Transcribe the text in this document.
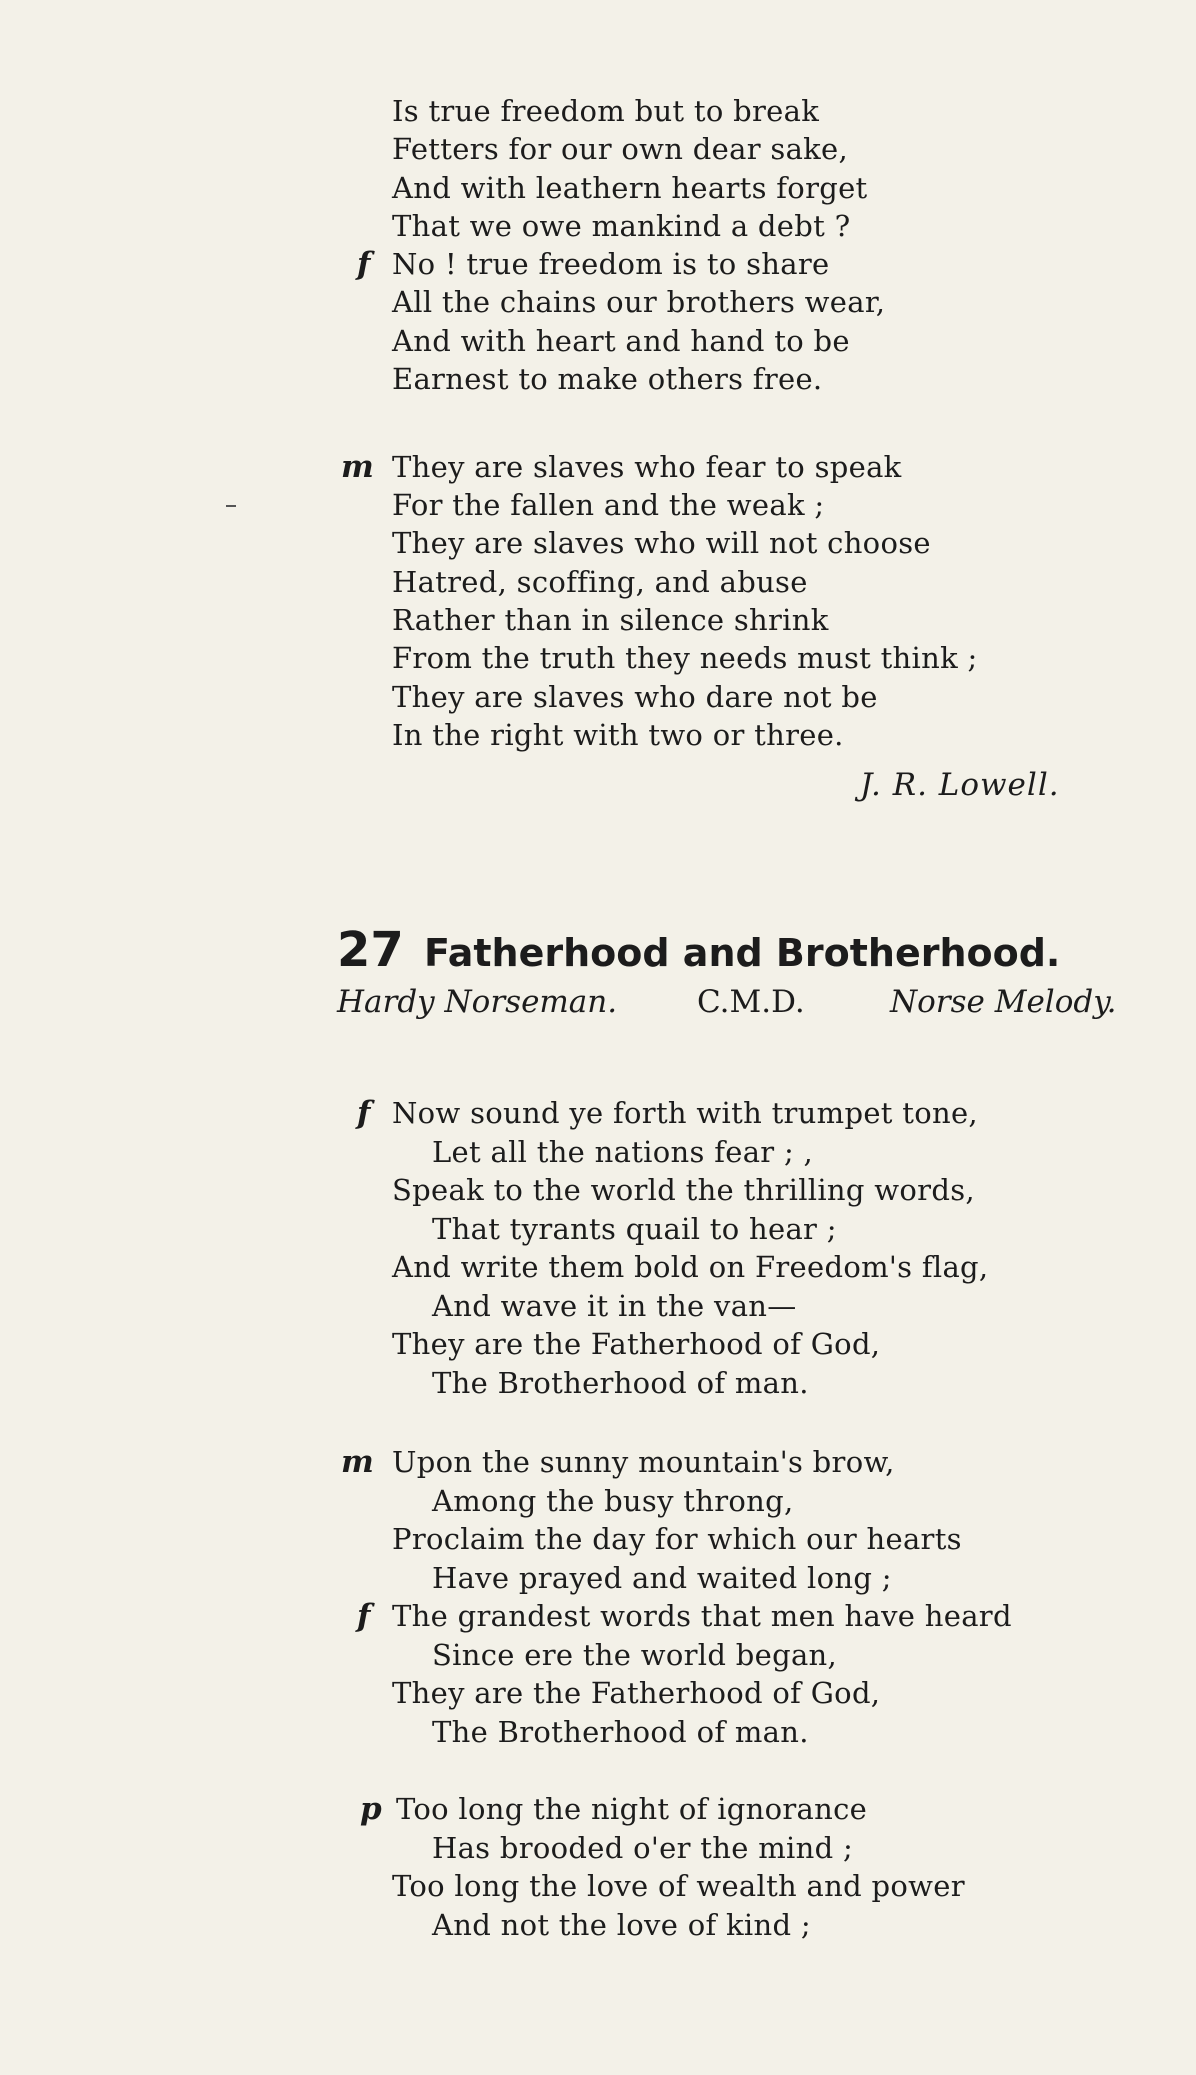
Is true freedom but to break
Fetters for our own dear sake,
And with leathern hearts forget
That we owe mankind a debt ?
f No ! true freedom is to share
All the chains our brothers wear,
And with heart and hand to be
Earnest to make others free.
m They are slaves who fear to speak
For the fallen and the weak ;
They are slaves who will not choose
Hatred, scoffing, and abuse
Rather than in silence shrink
From the truth they needs must think ;
They are slaves who dare not be
In the right with two or three.
J. R. Lowell.
27 Fatherhood and Brotherhood.
Hardy Norseman.	C.M.D.	Norse Melody.
f Now sound ye forth with trumpet tone,
Let all the nations fear ; ,
Speak to the world the thrilling words,
That tyrants quail to hear ;
And write them bold on Freedom's flag,
And wave it in the van—
They are the Fatherhood of God,
The Brotherhood of man.
m Upon the sunny mountain's brow,
Among the busy throng,
Proclaim the day for which our hearts
Have prayed and waited long ;
f The grandest words that men have heard
Since ere the world began,
They are the Fatherhood of God,
The Brotherhood of man.
p Too long the night of ignorance
Has brooded o'er the mind ;
Too long the love of wealth and power
And not the love of kind ;
